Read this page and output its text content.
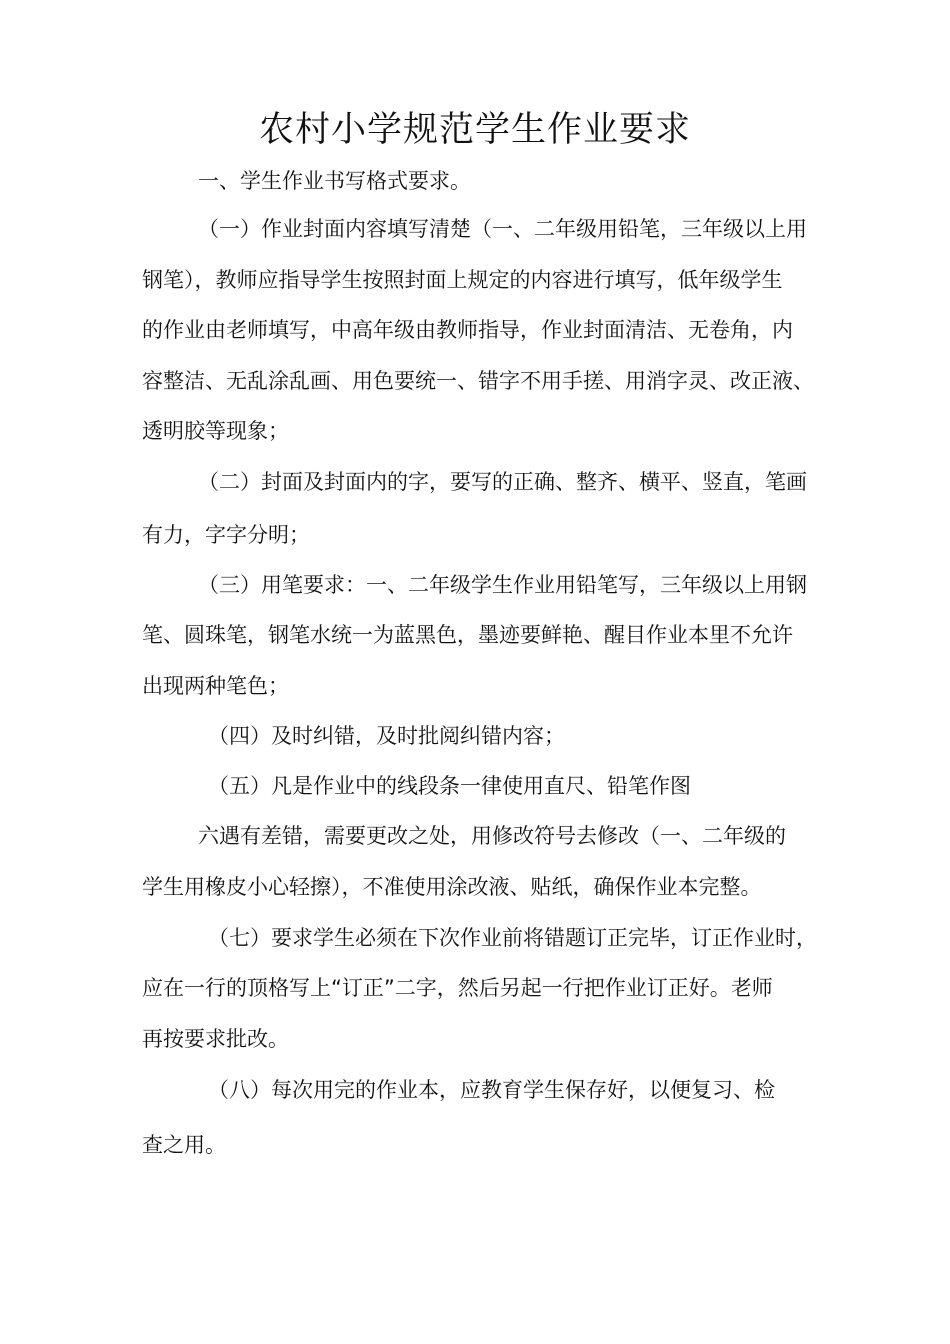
农村小学规范学生作业要求

一、学生作业书写格式要求。

（一）作业封面内容填写清楚（一、二年级用铅笔，三年级以上用

钢笔），教师应指导学生按照封面上规定的内容进行填写，低年级学生

的作业由老师填写，中高年级由教师指导，作业封面清洁、无卷角，内

容整洁、无乱涂乱画、用色要统一、错字不用手搓、用消字灵、改正液、

透明胶等现象；

（二）封面及封面内的字，要写的正确、整齐、横平、竖直，笔画

有力，字字分明；

（三）用笔要求：一、二年级学生作业用铅笔写，三年级以上用钢

笔、圆珠笔，钢笔水统一为蓝黑色，墨迹要鲜艳、醒目作业本里不允许

出现两种笔色；

（四）及时纠错，及时批阅纠错内容；

（五）凡是作业中的线段条一律使用直尺、铅笔作图

六遇有差错，需要更改之处，用修改符号去修改（一、二年级的

学生用橡皮小心轻擦），不准使用涂改液、贴纸，确保作业本完整。

（七）要求学生必须在下次作业前将错题订正完毕，订正作业时，

应在一行的顶格写上“订正”二字，然后另起一行把作业订正好。老师

再按要求批改。

（八）每次用完的作业本，应教育学生保存好，以便复习、检

查之用。
